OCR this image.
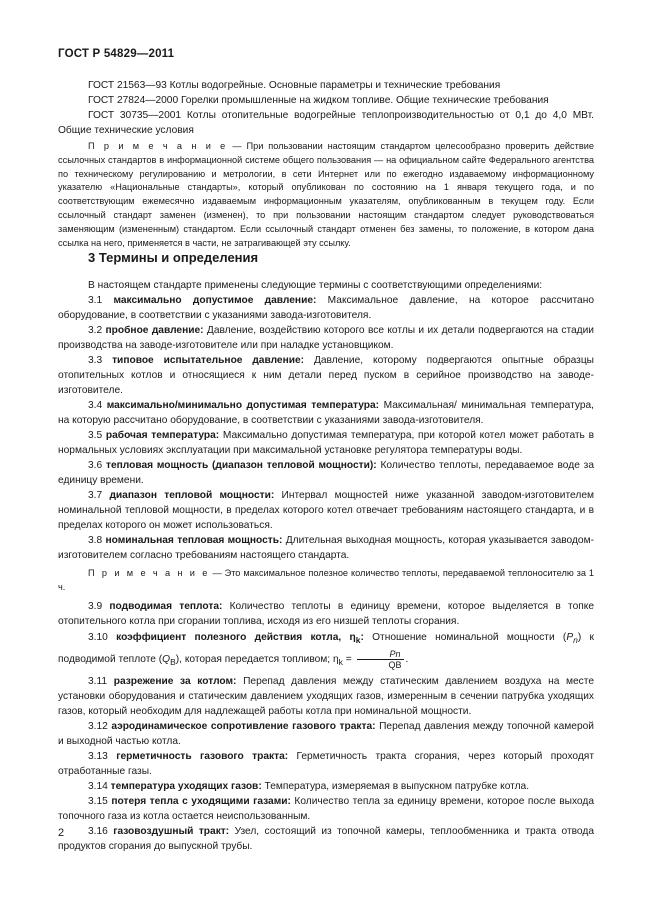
ГОСТ Р 54829—2011

ГОСТ 21563—93 Котлы водогрейные. Основные параметры и технические требования

ГОСТ 27824—2000 Горелки промышленные на жидком топливе. Общие технические требования

ГОСТ 30735—2001 Котлы отопительные водогрейные теплопроизводительностью от 0,1 до 4,0 МВт. Общие технические условия

П р и м е ч а н и е — При пользовании настоящим стандартом целесообразно проверить действие ссылочных стандартов в информационной системе общего пользования — на официальном сайте Федерального агентства по техническому регулированию и метрологии, в сети Интернет или по ежегодно издаваемому информационному указателю «Национальные стандарты», который опубликован по состоянию на 1 января текущего года, и по соответствующим ежемесячно издаваемым информационным указателям, опубликованным в текущем году. Если ссылочный стандарт заменен (изменен), то при пользовании настоящим стандартом следует руководствоваться заменяющим (измененным) стандартом. Если ссылочный стандарт отменен без замены, то положение, в котором дана ссылка на него, применяется в части, не затрагивающей эту ссылку.

3 Термины и определения

В настоящем стандарте применены следующие термины с соответствующими определениями:

3.1 максимально допустимое давление: Максимальное давление, на которое рассчитано оборудование, в соответствии с указаниями завода-изготовителя.

3.2 пробное давление: Давление, воздействию которого все котлы и их детали подвергаются на стадии производства на заводе-изготовителе или при наладке установщиком.

3.3 типовое испытательное давление: Давление, которому подвергаются опытные образцы отопительных котлов и относящиеся к ним детали перед пуском в серийное производство на заводе-изготовителе.

3.4 максимально/минимально допустимая температура: Максимальная/ минимальная температура, на которую рассчитано оборудование, в соответствии с указаниями завода-изготовителя.

3.5 рабочая температура: Максимально допустимая температура, при которой котел может работать в нормальных условиях эксплуатации при максимальной установке регулятора температуры воды.

3.6 тепловая мощность (диапазон тепловой мощности): Количество теплоты, передаваемое воде за единицу времени.

3.7 диапазон тепловой мощности: Интервал мощностей ниже указанной заводом-изготовителем номинальной тепловой мощности, в пределах которого котел отвечает требованиям настоящего стандарта, и в пределах которого он может использоваться.

3.8 номинальная тепловая мощность: Длительная выходная мощность, которая указывается заводом-изготовителем согласно требованиям настоящего стандарта.

П р и м е ч а н и е — Это максимальное полезное количество теплоты, передаваемой теплоносителю за 1 ч.

3.9 подводимая теплота: Количество теплоты в единицу времени, которое выделяется в топке отопительного котла при сгорании топлива, исходя из его низшей теплоты сгорания.

3.10 коэффициент полезного действия котла, $\eta_k$: Отношение номинальной мощности $(P_n)$ к подводимой теплоте $(Q_B)$, которая передается топливом; $\eta_k = \frac{Pn}{QB}$ .

3.11 разрежение за котлом: Перепад давления между статическим давлением воздуха на месте установки оборудования и статическим давлением уходящих газов, измеренным в сечении патрубка уходящих газов, который необходим для надлежащей работы котла при номинальной мощности.

3.12 аэродинамическое сопротивление газового тракта: Перепад давления между топочной камерой и выходной частью котла.

3.13 герметичность газового тракта: Герметичность тракта сгорания, через который проходят отработанные газы.

3.14 температура уходящих газов: Температура, измеряемая в выпускном патрубке котла.

3.15 потеря тепла с уходящими газами: Количество тепла за единицу времени, которое после выхода топочного газа из котла остается неиспользованным.

3.16 газовоздушный тракт: Узел, состоящий из топочной камеры, теплообменника и тракта отвода продуктов сгорания до выпускной трубы.

2
